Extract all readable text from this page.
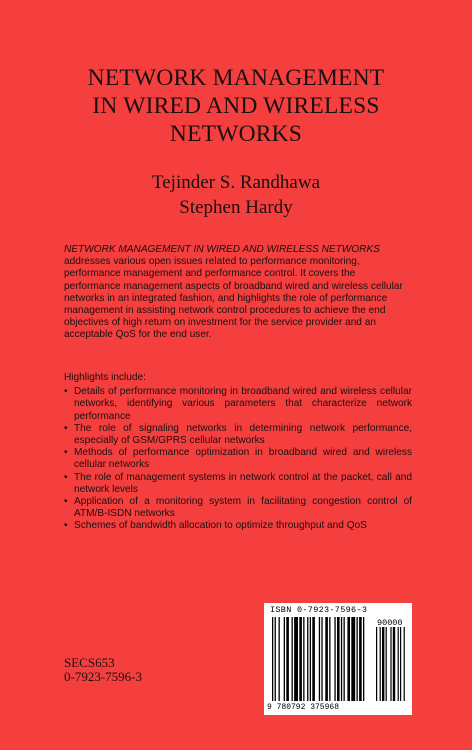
NETWORK MANAGEMENT
IN WIRED AND WIRELESS
NETWORKS
Tejinder S. Randhawa
Stephen Hardy
NETWORK MANAGEMENT IN WIRED AND WIRELESS NETWORKS
addresses various open issues related to performance monitoring, performance management and performance control. It covers the performance management aspects of broadband wired and wireless cellular networks in an integrated fashion, and highlights the role of performance management in assisting network control procedures to achieve the end objectives of high return on investment for the service provider and an acceptable QoS for the end user.
Highlights include:
• Details of performance monitoring in broadband wired and wireless cellular networks, identifying various parameters that characterize network performance
• The role of signaling networks in determining network performance, especially of GSM/GPRS cellular networks
• Methods of performance optimization in broadband wired and wireless cellular networks
• The role of management systems in network control at the packet, call and network levels
• Application of a monitoring system in facilitating congestion control of ATM/B-ISDN networks
• Schemes of bandwidth allocation to optimize throughput and QoS
SECS653
0-7923-7596-3
90000
ISBN 0-7923-7596-3
9 780792 375968
